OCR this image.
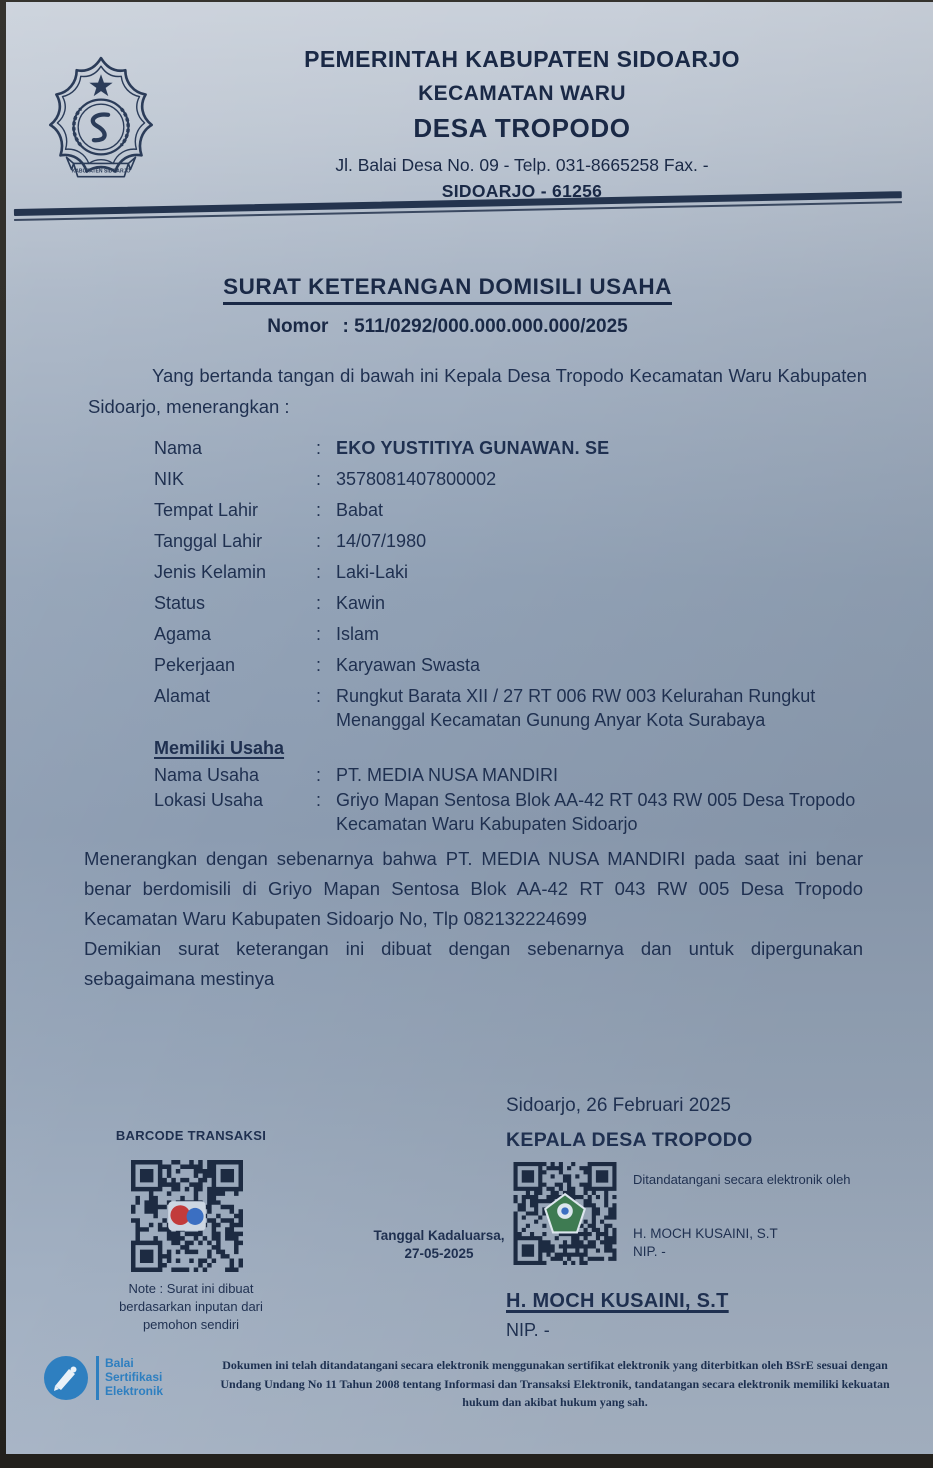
KABUPATEN SIDOARJO
PEMERINTAH KABUPATEN SIDOARJO
KECAMATAN WARU
DESA TROPODO
Jl. Balai Desa No. 09 - Telp. 031-8665258 Fax. -
SIDOARJO - 61256
SURAT KETERANGAN DOMISILI USAHA
Nomor : 511/0292/000.000.000.000/2025
Yang bertanda tangan di bawah ini Kepala Desa Tropodo Kecamatan Waru Kabupaten Sidoarjo, menerangkan :
Nama	: EKO YUSTITIYA GUNAWAN. SE
NIK	: 3578081407800002
Tempat Lahir	: Babat
Tanggal Lahir	: 14/07/1980
Jenis Kelamin	: Laki-Laki
Status	: Kawin
Agama	: Islam
Pekerjaan	: Karyawan Swasta
Alamat	: Rungkut Barata XII / 27 RT 006 RW 003 Kelurahan Rungkut Menanggal Kecamatan Gunung Anyar Kota Surabaya
Memiliki Usaha
Nama Usaha	: PT. MEDIA NUSA MANDIRI
Lokasi Usaha	: Griyo Mapan Sentosa Blok AA-42 RT 043 RW 005 Desa Tropodo Kecamatan Waru Kabupaten Sidoarjo

Menerangkan dengan sebenarnya bahwa PT. MEDIA NUSA MANDIRI pada saat ini benar benar berdomisili di Griyo Mapan Sentosa Blok AA-42 RT 043 RW 005 Desa Tropodo Kecamatan Waru Kabupaten Sidoarjo No, Tlp 082132224699

Demikian surat keterangan ini dibuat dengan sebenarnya dan untuk dipergunakan sebagaimana mestinya

Sidoarjo, 26 Februari 2025
KEPALA DESA TROPODO
BARCODE TRANSAKSI
Note : Surat ini dibuat berdasarkan inputan dari pemohon sendiri
Tanggal Kadaluarsa,
27-05-2025
Ditandatangani secara elektronik oleh
H. MOCH KUSAINI, S.T
NIP. -
H. MOCH KUSAINI, S.T
NIP. -
Balai
Sertifikasi
Elektronik
Dokumen ini telah ditandatangani secara elektronik menggunakan sertifikat elektronik yang diterbitkan oleh BSrE sesuai dengan Undang Undang No 11 Tahun 2008 tentang Informasi dan Transaksi Elektronik, tandatangan secara elektronik memiliki kekuatan hukum dan akibat hukum yang sah.
